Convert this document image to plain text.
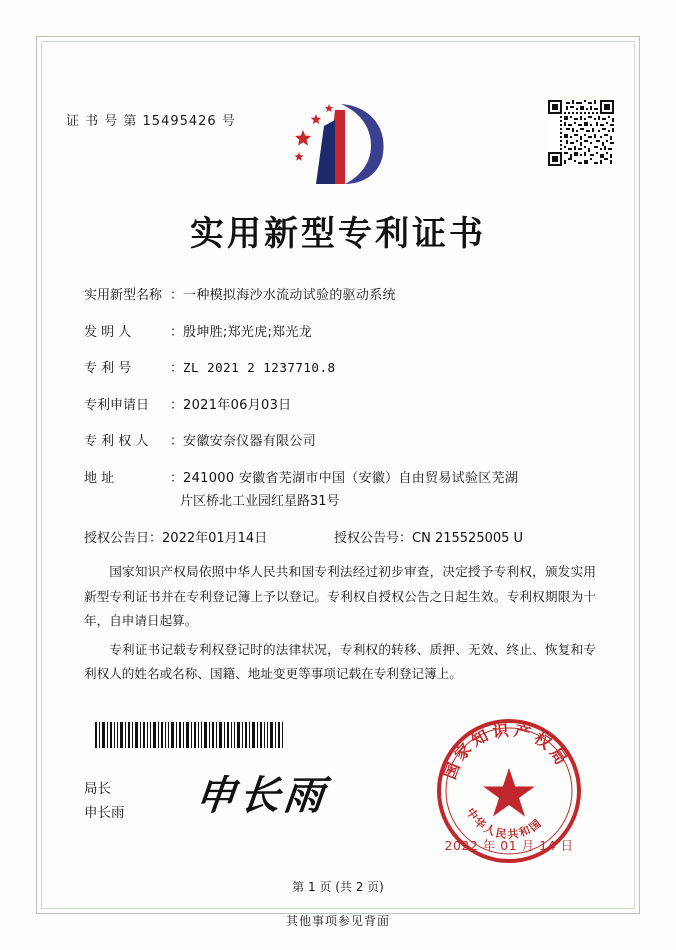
证 书 号 第 15495426 号
实用新型专利证书
实用新型名称 ： 一种模拟海沙水流动试验的驱动系统
发 明 人	： 殷坤胜;郑光虎;郑光龙
专 利 号	： ZL 2021 2 1237710.8
专利申请日	： 2021年06月03日
专 利 权 人	： 安徽安奈仪器有限公司
地 址	： 241000 安徽省芜湖市中国（安徽）自由贸易试验区芜湖
片区桥北工业园红星路31号
授权公告日：2022年01月14日	授权公告号：CN 215525005 U

国家知识产权局依照中华人民共和国专利法经过初步审查，决定授予专利权，颁发实用新型专利证书并在专利登记簿上予以登记。专利权自授权公告之日起生效。专利权期限为十年，自申请日起算。

专利证书记载专利权登记时的法律状况，专利权的转移、质押、无效、终止、恢复和专利权人的姓名或名称、国籍、地址变更等事项记载在专利登记簿上。

局长
申长雨 申长雨
国家知识产权局
中华人民共和国
2022 年 01 月 14 日
第 1 页 (共 2 页)
其他事项参见背面
